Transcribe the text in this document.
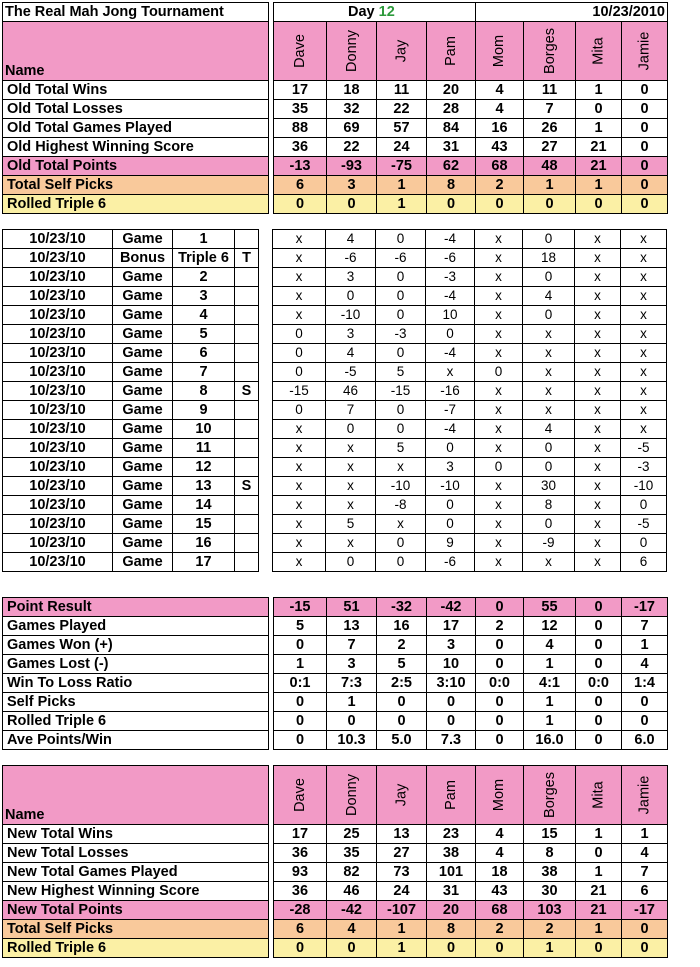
The Real Mah Jong Tournament		Day 12				10/23/2010			
Name		Dave	Donny	Jay	Pam	Mom	Borges	Mita	Jamie
Old Total Wins		17	18	11	20	4	11	1	0
Old Total Losses		35	32	22	28	4	7	0	0
Old Total Games Played		88	69	57	84	16	26	1	0
Old Highest Winning Score		36	22	24	31	43	27	21	0
Old Total Points		-13	-93	-75	62	68	48	21	0
Total Self Picks		6	3	1	8	2	1	1	0
Rolled Triple 6		0	0	1	0	0	0	0	0
10/23/10	Game	1			x	4	0	-4	x	0	x	x
10/23/10	Bonus	Triple 6	T		x	-6	-6	-6	x	18	x	x
10/23/10	Game	2			x	3	0	-3	x	0	x	x
10/23/10	Game	3			x	0	0	-4	x	4	x	x
10/23/10	Game	4			x	-10	0	10	x	0	x	x
10/23/10	Game	5			0	3	-3	0	x	x	x	x
10/23/10	Game	6			0	4	0	-4	x	x	x	x
10/23/10	Game	7			0	-5	5	x	0	x	x	x
10/23/10	Game	8	S		-15	46	-15	-16	x	x	x	x
10/23/10	Game	9			0	7	0	-7	x	x	x	x
10/23/10	Game	10			x	0	0	-4	x	4	x	x
10/23/10	Game	11			x	x	5	0	x	0	x	-5
10/23/10	Game	12			x	x	x	3	0	0	x	-3
10/23/10	Game	13	S		x	x	-10	-10	x	30	x	-10
10/23/10	Game	14			x	x	-8	0	x	8	x	0
10/23/10	Game	15			x	5	x	0	x	0	x	-5
10/23/10	Game	16			x	x	0	9	x	-9	x	0
10/23/10	Game	17			x	0	0	-6	x	x	x	6
Point Result		-15	51	-32	-42	0	55	0	-17
Games Played		5	13	16	17	2	12	0	7
Games Won (+)		0	7	2	3	0	4	0	1
Games Lost (-)		1	3	5	10	0	1	0	4
Win To Loss Ratio		0:1	7:3	2:5	3:10	0:0	4:1	0:0	1:4
Self Picks		0	1	0	0	0	1	0	0
Rolled Triple 6		0	0	0	0	0	1	0	0
Ave Points/Win		0	10.3	5.0	7.3	0	16.0	0	6.0
Name		Dave	Donny	Jay	Pam	Mom	Borges	Mita	Jamie
New Total Wins		17	25	13	23	4	15	1	1
New Total Losses		36	35	27	38	4	8	0	4
New Total Games Played		93	82	73	101	18	38	1	7
New Highest Winning Score		36	46	24	31	43	30	21	6
New Total Points		-28	-42	-107	20	68	103	21	-17
Total Self Picks		6	4	1	8	2	2	1	0
Rolled Triple 6		0	0	1	0	0	1	0	0
